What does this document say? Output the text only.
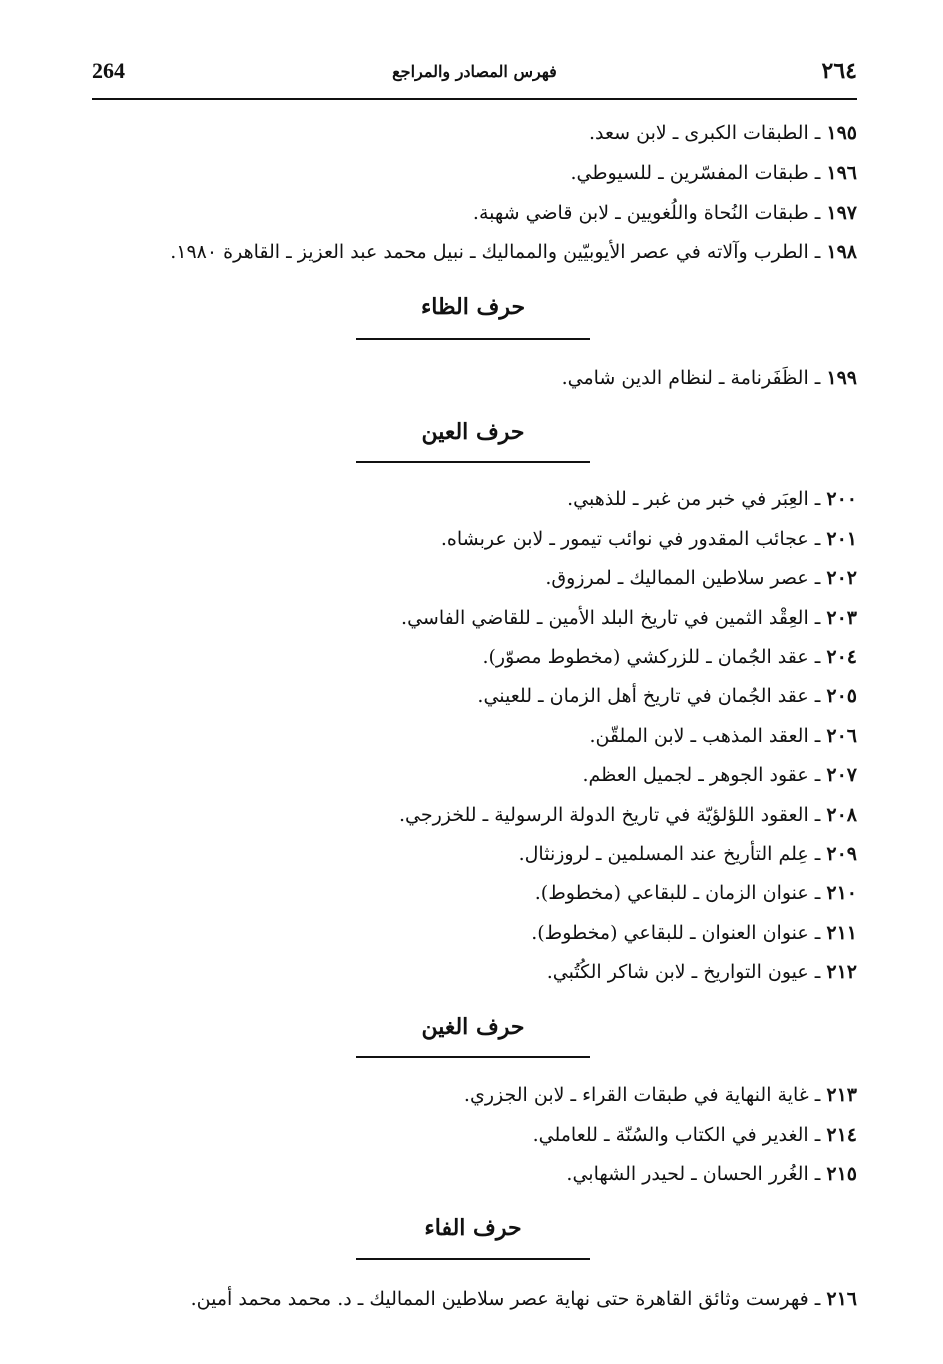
264	فهرس المصادر والمراجع	٢٦٤
١٩٥ ـ الطبقات الكبرى ـ لابن سعد.
١٩٦ ـ طبقات المفسّرين ـ للسيوطي.
١٩٧ ـ طبقات النُحاة واللُغويين ـ لابن قاضي شهبة.
١٩٨ ـ الطرب وآلاته في عصر الأيوبيّين والمماليك ـ نبيل محمد عبد العزيز ـ القاهرة ١٩٨٠.
حرف الظاء
١٩٩ ـ الظَفَرنامة ـ لنظام الدين شامي.
حرف العين
٢٠٠ ـ العِبَر في خبر من غبر ـ للذهبي.
٢٠١ ـ عجائب المقدور في نوائب تيمور ـ لابن عربشاه.
٢٠٢ ـ عصر سلاطين المماليك ـ لمرزوق.
٢٠٣ ـ العِقْد الثمين في تاريخ البلد الأمين ـ للقاضي الفاسي.
٢٠٤ ـ عقد الجُمان ـ للزركشي (مخطوط مصوّر).
٢٠٥ ـ عقد الجُمان في تاريخ أهل الزمان ـ للعيني.
٢٠٦ ـ العقد المذهب ـ لابن الملقّن.
٢٠٧ ـ عقود الجوهر ـ لجميل العظم.
٢٠٨ ـ العقود اللؤلؤيّة في تاريخ الدولة الرسولية ـ للخزرجي.
٢٠٩ ـ عِلم التأريخ عند المسلمين ـ لروزنثال.
٢١٠ ـ عنوان الزمان ـ للبقاعي (مخطوط).
٢١١ ـ عنوان العنوان ـ للبقاعي (مخطوط).
٢١٢ ـ عيون التواريخ ـ لابن شاكر الكُتُبي.
حرف الغين
٢١٣ ـ غاية النهاية في طبقات القراء ـ لابن الجزري.
٢١٤ ـ الغدير في الكتاب والسُنّة ـ للعاملي.
٢١٥ ـ الغُرر الحسان ـ لحيدر الشهابي.
حرف الفاء
٢١٦ ـ فهرست وثائق القاهرة حتى نهاية عصر سلاطين المماليك ـ د. محمد محمد أمين.
